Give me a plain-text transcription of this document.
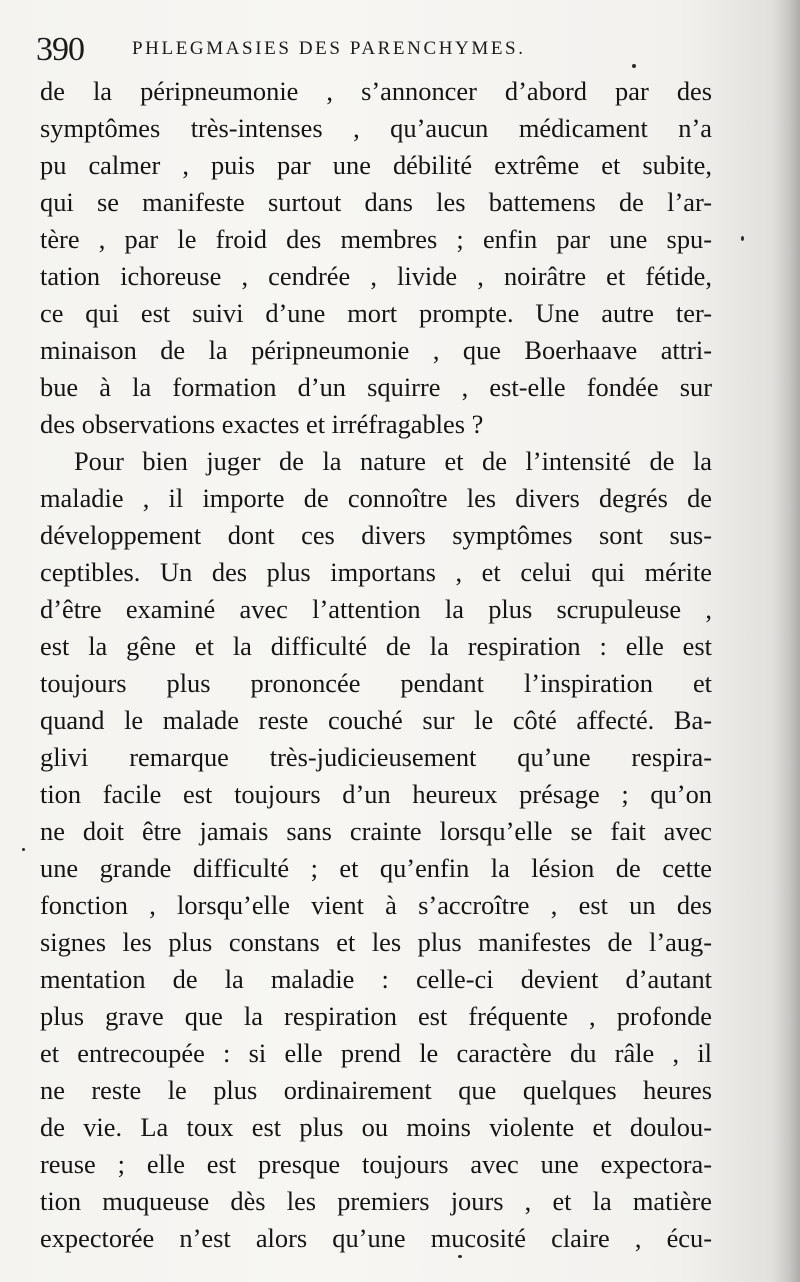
390	PHLEGMASIES DES PARENCHYMES.
de la péripneumonie , s’annoncer d’abord par des
symptômes très-intenses , qu’aucun médicament n’a
pu calmer , puis par une débilité extrême et subite,
qui se manifeste surtout dans les battemens de l’ar-
tère , par le froid des membres ; enfin par une spu-
tation ichoreuse , cendrée , livide , noirâtre et fétide,
ce qui est suivi d’une mort prompte. Une autre ter-
minaison de la péripneumonie , que Boerhaave attri-
bue à la formation d’un squirre , est-elle fondée sur
des observations exactes et irréfragables ?
Pour bien juger de la nature et de l’intensité de la
maladie , il importe de connoître les divers degrés de
développement dont ces divers symptômes sont sus-
ceptibles. Un des plus importans , et celui qui mérite
d’être examiné avec l’attention la plus scrupuleuse ,
est la gêne et la difficulté de la respiration : elle est
toujours plus prononcée pendant l’inspiration et
quand le malade reste couché sur le côté affecté. Ba-
glivi remarque très-judicieusement qu’une respira-
tion facile est toujours d’un heureux présage ; qu’on
ne doit être jamais sans crainte lorsqu’elle se fait avec
une grande difficulté ; et qu’enfin la lésion de cette
fonction , lorsqu’elle vient à s’accroître , est un des
signes les plus constans et les plus manifestes de l’aug-
mentation de la maladie : celle-ci devient d’autant
plus grave que la respiration est fréquente , profonde
et entrecoupée : si elle prend le caractère du râle , il
ne reste le plus ordinairement que quelques heures
de vie. La toux est plus ou moins violente et doulou-
reuse ; elle est presque toujours avec une expectora-
tion muqueuse dès les premiers jours , et la matière
expectorée n’est alors qu’une mucosité claire , écu-
